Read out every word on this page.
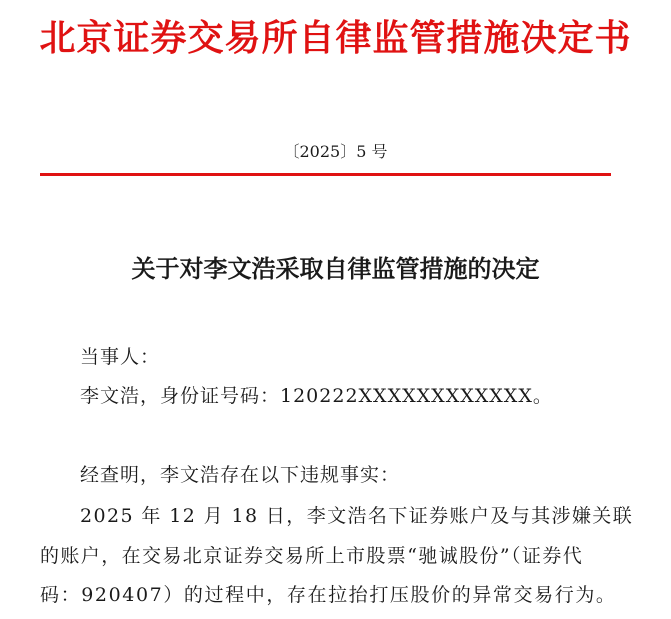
北京证券交易所自律监管措施决定书
〔2025〕5 号
关于对李文浩采取自律监管措施的决定
当事人：
李文浩，身份证号码：120222XXXXXXXXXXXX。
经查明，李文浩存在以下违规事实：
2025 年 12 月 18 日，李文浩名下证券账户及与其涉嫌关联
的账户，在交易北京证券交易所上市股票“驰诚股份”（证券代
码：920407）的过程中，存在拉抬打压股价的异常交易行为。
